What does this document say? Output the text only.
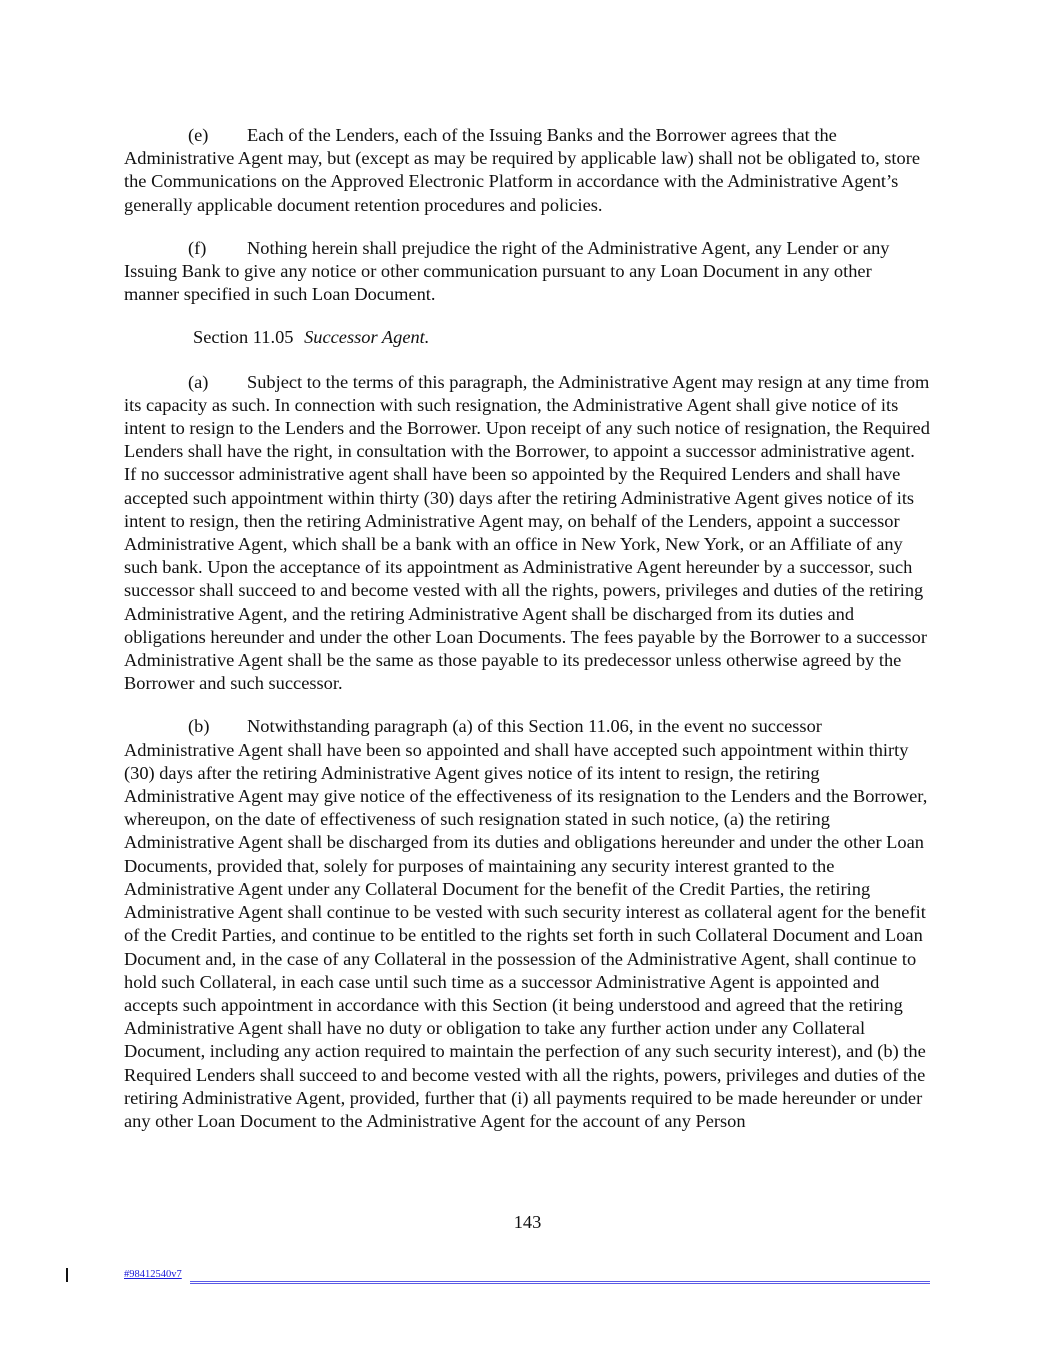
(e) Each of the Lenders, each of the Issuing Banks and the Borrower agrees that the Administrative Agent may, but (except as may be required by applicable law) shall not be obligated to, store the Communications on the Approved Electronic Platform in accordance with the Administrative Agent’s generally applicable document retention procedures and policies.

(f) Nothing herein shall prejudice the right of the Administrative Agent, any Lender or any Issuing Bank to give any notice or other communication pursuant to any Loan Document in any other manner specified in such Loan Document.

Section 11.05 Successor Agent.

(a) Subject to the terms of this paragraph, the Administrative Agent may resign at any time from its capacity as such. In connection with such resignation, the Administrative Agent shall give notice of its intent to resign to the Lenders and the Borrower. Upon receipt of any such notice of resignation, the Required Lenders shall have the right, in consultation with the Borrower, to appoint a successor administrative agent. If no successor administrative agent shall have been so appointed by the Required Lenders and shall have accepted such appointment within thirty (30) days after the retiring Administrative Agent gives notice of its intent to resign, then the retiring Administrative Agent may, on behalf of the Lenders, appoint a successor Administrative Agent, which shall be a bank with an office in New York, New York, or an Affiliate of any such bank. Upon the acceptance of its appointment as Administrative Agent hereunder by a successor, such successor shall succeed to and become vested with all the rights, powers, privileges and duties of the retiring Administrative Agent, and the retiring Administrative Agent shall be discharged from its duties and obligations hereunder and under the other Loan Documents. The fees payable by the Borrower to a successor Administrative Agent shall be the same as those payable to its predecessor unless otherwise agreed by the Borrower and such successor.

(b) Notwithstanding paragraph (a) of this Section 11.06, in the event no successor Administrative Agent shall have been so appointed and shall have accepted such appointment within thirty (30) days after the retiring Administrative Agent gives notice of its intent to resign, the retiring Administrative Agent may give notice of the effectiveness of its resignation to the Lenders and the Borrower, whereupon, on the date of effectiveness of such resignation stated in such notice, (a) the retiring Administrative Agent shall be discharged from its duties and obligations hereunder and under the other Loan Documents, provided that, solely for purposes of maintaining any security interest granted to the Administrative Agent under any Collateral Document for the benefit of the Credit Parties, the retiring Administrative Agent shall continue to be vested with such security interest as collateral agent for the benefit of the Credit Parties, and continue to be entitled to the rights set forth in such Collateral Document and Loan Document and, in the case of any Collateral in the possession of the Administrative Agent, shall continue to hold such Collateral, in each case until such time as a successor Administrative Agent is appointed and accepts such appointment in accordance with this Section (it being understood and agreed that the retiring Administrative Agent shall have no duty or obligation to take any further action under any Collateral Document, including any action required to maintain the perfection of any such security interest), and (b) the Required Lenders shall succeed to and become vested with all the rights, powers, privileges and duties of the retiring Administrative Agent, provided, further that (i) all payments required to be made hereunder or under any other Loan Document to the Administrative Agent for the account of any Person

143
#98412540v7
